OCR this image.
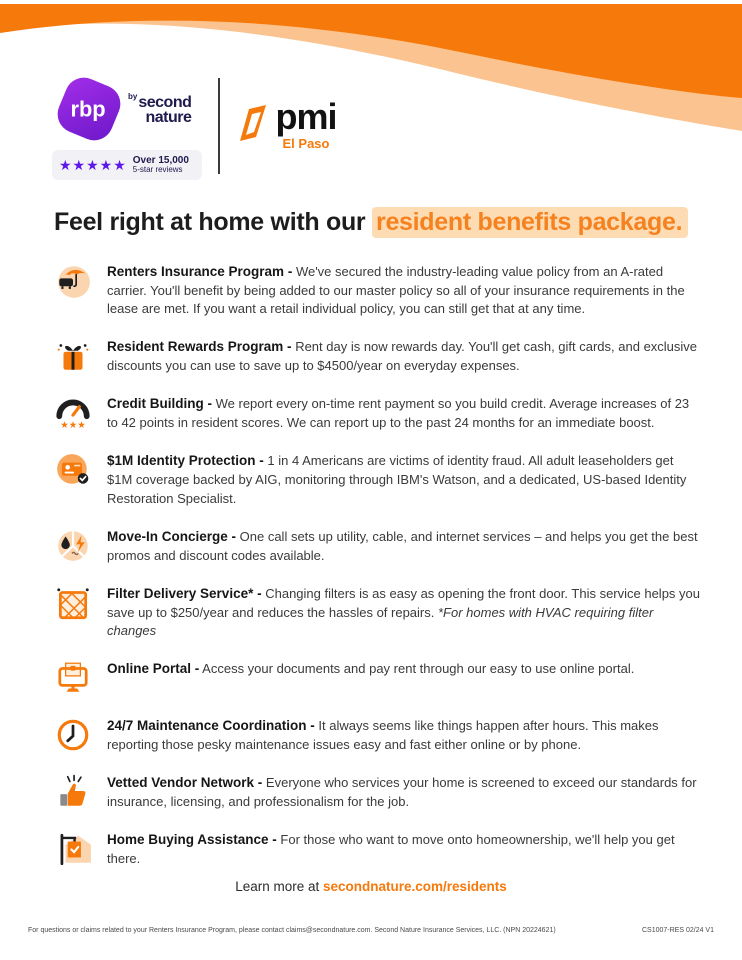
rbp
$^{by}$second
nature
★★★★★ Over 15,000
5-star reviews
pmi
El Paso
Feel right at home with our resident benefits package.

Renters Insurance Program - We've secured the industry-leading value policy from an A-rated carrier. You'll benefit by being added to our master policy so all of your insurance requirements in the lease are met. If you want a retail individual policy, you can still get that at any time.

Resident Rewards Program - Rent day is now rewards day. You'll get cash, gift cards, and exclusive discounts you can use to save up to $4500/year on everyday expenses.

★★★

Credit Building - We report every on-time rent payment so you build credit. Average increases of 23 to 42 points in resident scores. We can report up to the past 24 months for an immediate boost.

$1M Identity Protection - 1 in 4 Americans are victims of identity fraud. All adult leaseholders get $1M coverage backed by AIG, monitoring through IBM's Watson, and a dedicated, US-based Identity Restoration Specialist.

Move-In Concierge - One call sets up utility, cable, and internet services – and helps you get the best promos and discount codes available.

Filter Delivery Service* - Changing filters is as easy as opening the front door. This service helps you save up to $250/year and reduces the hassles of repairs. *For homes with HVAC requiring filter changes

Online Portal - Access your documents and pay rent through our easy to use online portal.

24/7 Maintenance Coordination - It always seems like things happen after hours. This makes reporting those pesky maintenance issues easy and fast either online or by phone.

Vetted Vendor Network - Everyone who services your home is screened to exceed our standards for insurance, licensing, and professionalism for the job.

Home Buying Assistance - For those who want to move onto homeownership, we'll help you get there.

Learn more at secondnature.com/residents
For questions or claims related to your Renters Insurance Program, please contact claims@secondnature.com. Second Nature Insurance Services, LLC. (NPN 20224621)	CS1007-RES 02/24 V1
